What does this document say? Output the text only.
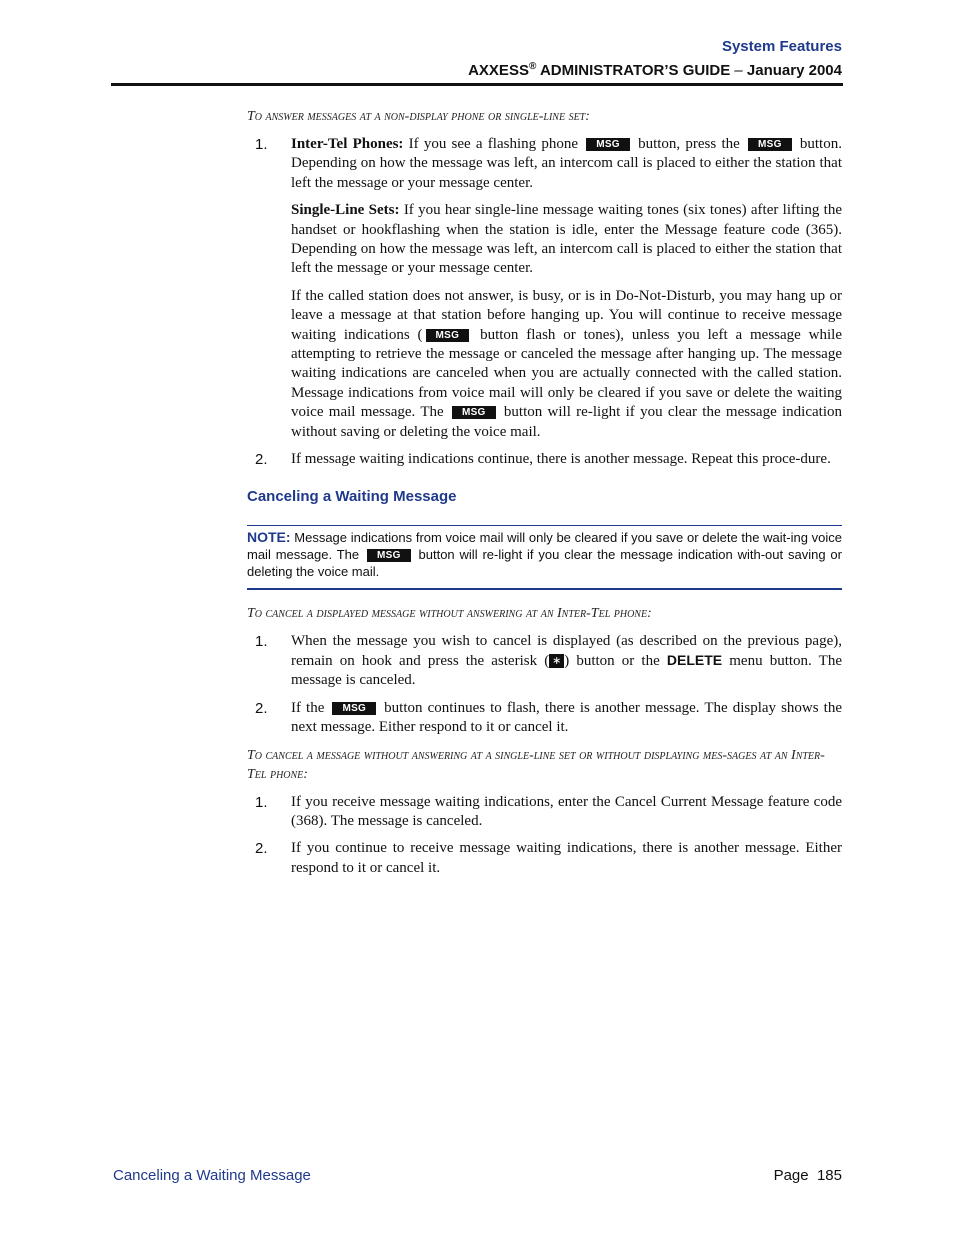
System Features
AXXESS® ADMINISTRATOR’S GUIDE – January 2004

To answer messages at a non-display phone or single-line set:

1.	Inter-Tel Phones: If you see a flashing phone MSG button, press the MSG button. Depending on how the message was left, an intercom call is placed to either the station that left the message or your message center.

Single-Line Sets: If you hear single-line message waiting tones (six tones) after lifting the handset or hookflashing when the station is idle, enter the Message feature code (365). Depending on how the message was left, an intercom call is placed to either the station that left the message or your message center.

If the called station does not answer, is busy, or is in Do-Not-Disturb, you may hang up or leave a message at that station before hanging up. You will continue to receive message waiting indications ( MSG button flash or tones), unless you left a message while attempting to retrieve the message or canceled the message after hanging up. The message waiting indications are canceled when you are actually connected with the called station. Message indications from voice mail will only be cleared if you save or delete the waiting voice mail message. The MSG button will re-light if you clear the message indication without saving or deleting the voice mail.

2.	If message waiting indications continue, there is another message. Repeat this proce-dure.

Canceling a Waiting Message
NOTE: Message indications from voice mail will only be cleared if you save or delete the wait-ing voice mail message. The MSG button will re-light if you clear the message indication with-out saving or deleting the voice mail.

To cancel a displayed message without answering at an Inter-Tel phone:

1.	When the message you wish to cancel is displayed (as described on the previous page), remain on hook and press the asterisk ( ∗ ) button or the DELETE menu button. The message is canceled.

2.	If the MSG button continues to flash, there is another message. The display shows the next message. Either respond to it or cancel it.

To cancel a message without answering at a single-line set or without displaying mes-sages at an Inter-Tel phone:

1.	If you receive message waiting indications, enter the Cancel Current Message feature code (368). The message is canceled.

2.	If you continue to receive message waiting indications, there is another message. Either respond to it or cancel it.

Canceling a Waiting Message	Page 185
